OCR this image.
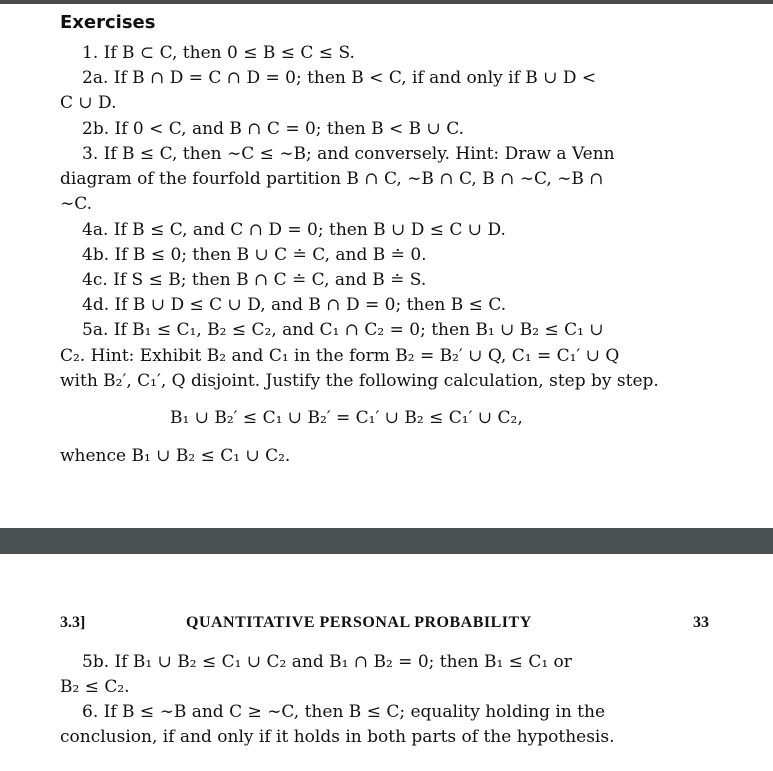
Exercises
1. If B ⊂ C, then 0 ≤ B ≤ C ≤ S.
2a. If B ∩ D = C ∩ D = 0; then B < C, if and only if B ∪ D <
C ∪ D.
2b. If 0 < C, and B ∩ C = 0; then B < B ∪ C.
3. If B ≤ C, then ∼C ≤ ∼B; and conversely. Hint: Draw a Venn
diagram of the fourfold partition B ∩ C, ∼B ∩ C, B ∩ ∼C, ∼B ∩
∼C.
4a. If B ≤ C, and C ∩ D = 0; then B ∪ D ≤ C ∪ D.
4b. If B ≤ 0; then B ∪ C ≐ C, and B ≐ 0.
4c. If S ≤ B; then B ∩ C ≐ C, and B ≐ S.
4d. If B ∪ D ≤ C ∪ D, and B ∩ D = 0; then B ≤ C.
5a. If B₁ ≤ C₁, B₂ ≤ C₂, and C₁ ∩ C₂ = 0; then B₁ ∪ B₂ ≤ C₁ ∪
C₂. Hint: Exhibit B₂ and C₁ in the form B₂ = B₂′ ∪ Q, C₁ = C₁′ ∪ Q
with B₂′, C₁′, Q disjoint. Justify the following calculation, step by step.
B₁ ∪ B₂′ ≤ C₁ ∪ B₂′ = C₁′ ∪ B₂ ≤ C₁′ ∪ C₂,
whence B₁ ∪ B₂ ≤ C₁ ∪ C₂.
3.3]	QUANTITATIVE PERSONAL PROBABILITY	33
5b. If B₁ ∪ B₂ ≤ C₁ ∪ C₂ and B₁ ∩ B₂ = 0; then B₁ ≤ C₁ or
B₂ ≤ C₂.
6. If B ≤ ∼B and C ≥ ∼C, then B ≤ C; equality holding in the
conclusion, if and only if it holds in both parts of the hypothesis.
